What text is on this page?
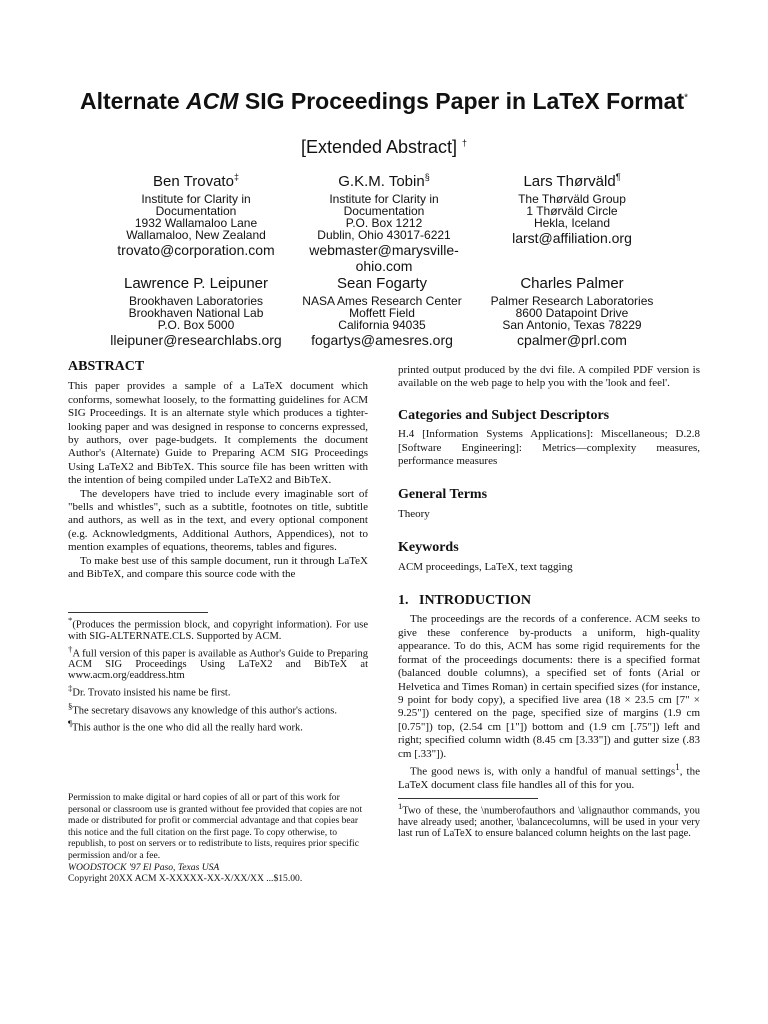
Alternate ACM SIG Proceedings Paper in LaTeX Format*
[Extended Abstract] †
Ben Trovato‡
Institute for Clarity in
Documentation
1932 Wallamaloo Lane
Wallamaloo, New Zealand
trovato@corporation.com
G.K.M. Tobin§
Institute for Clarity in
Documentation
P.O. Box 1212
Dublin, Ohio 43017-6221
webmaster@marysville-ohio.com
Lars Thørväld¶
The Thørväld Group
1 Thørväld Circle
Hekla, Iceland
larst@affiliation.org
Lawrence P. Leipuner
Brookhaven Laboratories
Brookhaven National Lab
P.O. Box 5000
lleipuner@researchlabs.org
Sean Fogarty
NASA Ames Research Center
Moffett Field
California 94035
fogartys@amesres.org
Charles Palmer
Palmer Research Laboratories
8600 Datapoint Drive
San Antonio, Texas 78229
cpalmer@prl.com
ABSTRACT

This paper provides a sample of a LaTeX document which conforms, somewhat loosely, to the formatting guidelines for ACM SIG Proceedings. It is an alternate style which produces a tighter-looking paper and was designed in response to concerns expressed, by authors, over page-budgets. It complements the document Author's (Alternate) Guide to Preparing ACM SIG Proceedings Using LaTeX2 and BibTeX. This source file has been written with the intention of being compiled under LaTeX2 and BibTeX.

The developers have tried to include every imaginable sort of "bells and whistles", such as a subtitle, footnotes on title, subtitle and authors, as well as in the text, and every optional component (e.g. Acknowledgments, Additional Authors, Appendices), not to mention examples of equations, theorems, tables and figures.

To make best use of this sample document, run it through LaTeX and BibTeX, and compare this source code with the

*(Produces the permission block, and copyright information). For use with SIG-ALTERNATE.CLS. Supported by ACM.

†A full version of this paper is available as Author's Guide to Preparing ACM SIG Proceedings Using LaTeX2 and BibTeX at www.acm.org/eaddress.htm

‡Dr. Trovato insisted his name be first.

§The secretary disavows any knowledge of this author's actions.

¶This author is the one who did all the really hard work.

Permission to make digital or hard copies of all or part of this work for personal or classroom use is granted without fee provided that copies are not made or distributed for profit or commercial advantage and that copies bear this notice and the full citation on the first page. To copy otherwise, to republish, to post on servers or to redistribute to lists, requires prior specific permission and/or a fee.

WOODSTOCK '97 El Paso, Texas USA

Copyright 20XX ACM X-XXXXX-XX-X/XX/XX ...$15.00.

printed output produced by the dvi file. A compiled PDF version is available on the web page to help you with the 'look and feel'.

Categories and Subject Descriptors

H.4 [Information Systems Applications]: Miscellaneous; D.2.8 [Software Engineering]: Metrics—complexity measures, performance measures

General Terms

Theory

Keywords

ACM proceedings, LaTeX, text tagging

1.   INTRODUCTION

The proceedings are the records of a conference. ACM seeks to give these conference by-products a uniform, high-quality appearance. To do this, ACM has some rigid requirements for the format of the proceedings documents: there is a specified format (balanced double columns), a specified set of fonts (Arial or Helvetica and Times Roman) in certain specified sizes (for instance, 9 point for body copy), a specified live area (18 × 23.5 cm [7" × 9.25"]) centered on the page, specified size of margins (1.9 cm [0.75"]) top, (2.54 cm [1"]) bottom and (1.9 cm [.75"]) left and right; specified column width (8.45 cm [3.33"]) and gutter size (.83 cm [.33"]).

The good news is, with only a handful of manual settings$^1$, the LaTeX document class file handles all of this for you.

$^1$Two of these, the \numberofauthors and \alignauthor commands, you have already used; another, \balancecolumns, will be used in your very last run of LaTeX to ensure balanced column heights on the last page.
